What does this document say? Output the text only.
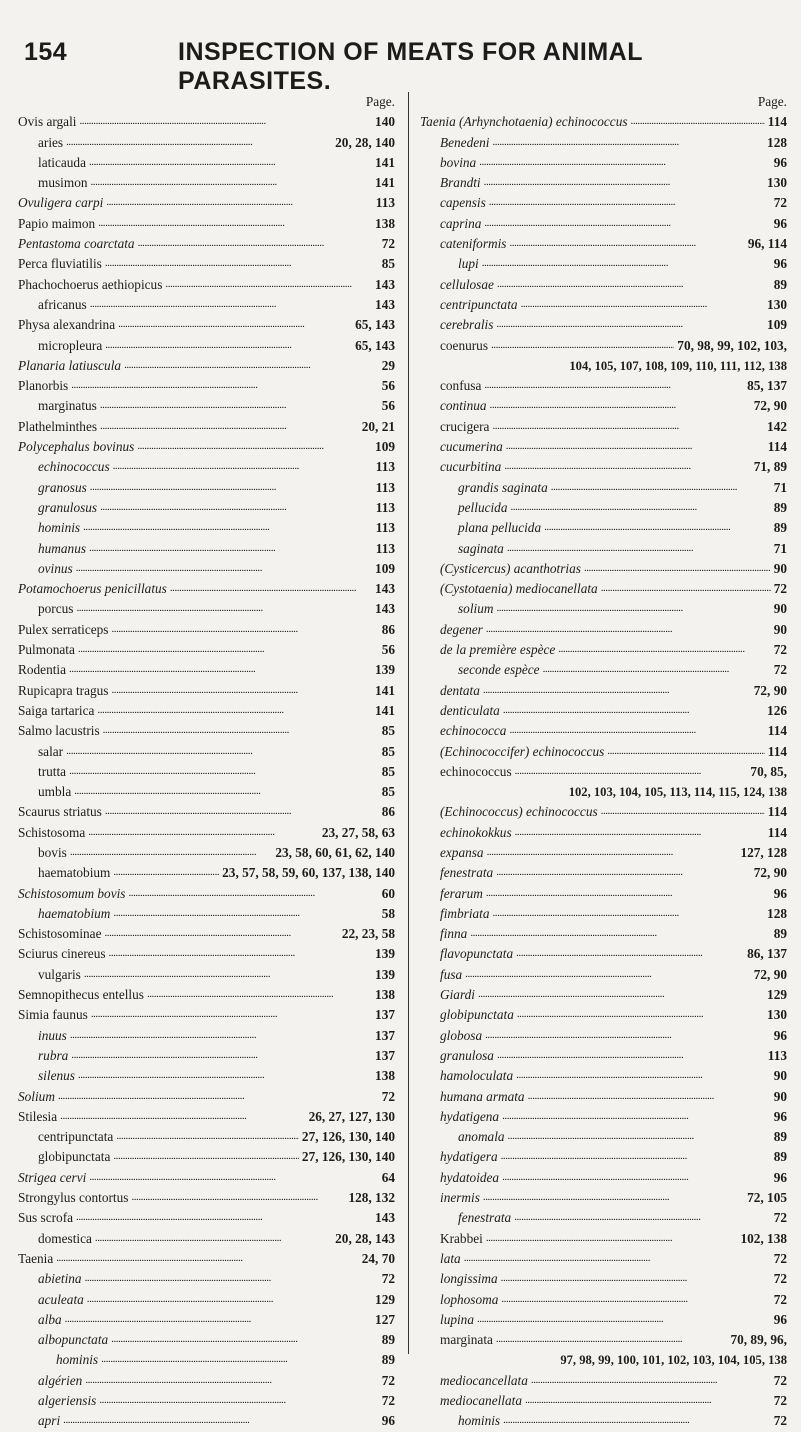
154	INSPECTION OF MEATS FOR ANIMAL PARASITES.
Page.
Ovis argali . . .	140
aries . . .	20, 28, 140
laticauda . . .	141
musimon . . .	141
Ovuligera carpi . . .	113
Papio maimon . . .	138
Pentastoma coarctata . . .	72
Perca fluviatilis . . .	85
Phachochoerus aethiopicus . . .	143
africanus . . .	143
Physa alexandrina . . .	65, 143
micropleura . . .	65, 143
Planaria latiuscula . . .	29
Planorbis . . .	56
marginatus . . .	56
Plathelminthes . . .	20, 21
Polycephalus bovinus . . .	109
echinococcus . . .	113
granosus . . .	113
granulosus . . .	113
hominis . . .	113
humanus . . .	113
ovinus . . .	109
Potamochoerus penicillatus . . .	143
porcus . . .	143
Pulex serraticeps . . .	86
Pulmonata . . .	56
Rodentia . . .	139
Rupicapra tragus . . .	141
Saiga tartarica . . .	141
Salmo lacustris . . .	85
salar . . .	85
trutta . . .	85
umbla . . .	85
Scaurus striatus . . .	86
Schistosoma . . .	23, 27, 58, 63
bovis . . .	23, 58, 60, 61, 62, 140
haematobium . . .	23, 57, 58, 59, 60, 137, 138, 140
Schistosomum bovis . . .	60
haematobium . . .	58
Schistosominae . . .	22, 23, 58
Sciurus cinereus . . .	139
vulgaris . . .	139
Semnopithecus entellus . . .	138
Simia faunus . . .	137
inuus . . .	137
rubra . . .	137
silenus . . .	138
Solium . . .	72
Stilesia . . .	26, 27, 127, 130
centripunctata . . .	27, 126, 130, 140
globipunctata . . .	27, 126, 130, 140
Strigea cervi . . .	64
Strongylus contortus . . .	128, 132
Sus scrofa . . .	143
domestica . . .	20, 28, 143
Taenia . . .	24, 70
abietina . . .	72
aculeata . . .	129
alba . . .	127
albopunctata . . .	89
hominis . . .	89
algérien . . .	72
algeriensis . . .	72
apri . . .	96
Page.
Taenia (Arhynchotaenia) echinococcus . . .	114
Benedeni . . .	128
bovina . . .	96
Brandti . . .	130
capensis . . .	72
caprina . . .	96
cateniformis . . .	96, 114
lupi . . .	96
cellulosae . . .	89
centripunctata . . .	130
cerebralis . . .	109
coenurus . . .	70, 98, 99, 102, 103,
104, 105, 107, 108, 109, 110, 111, 112, 138
confusa . . .	85, 137
continua . . .	72, 90
crucigera . . .	142
cucumerina . . .	114
cucurbitina . . .	71, 89
grandis saginata . . .	71
pellucida . . .	89
plana pellucida . . .	89
saginata . . .	71
(Cysticercus) acanthotrias . . .	90
(Cystotaenia) mediocanellata . . .	72
solium . . .	90
degener . . .	90
de la première espèce . . .	72
seconde espèce . . .	72
dentata . . .	72, 90
denticulata . . .	126
echinococca . . .	114
(Echinococcifer) echinococcus . . .	114
echinococcus . . .	70, 85,
102, 103, 104, 105, 113, 114, 115, 124, 138
(Echinococcus) echinococcus . . .	114
echinokokkus . . .	114
expansa . . .	127, 128
fenestrata . . .	72, 90
ferarum . . .	96
fimbriata . . .	128
finna . . .	89
flavopunctata . . .	86, 137
fusa . . .	72, 90
Giardi . . .	129
globipunctata . . .	130
globosa . . .	96
granulosa . . .	113
hamoloculata . . .	90
humana armata . . .	90
hydatigena . . .	96
anomala . . .	89
hydatigera . . .	89
hydatoidea . . .	96
inermis . . .	72, 105
fenestrata . . .	72
Krabbei . . .	102, 138
lata . . .	72
longissima . . .	72
lophosoma . . .	72
lupina . . .	96
marginata . . .	70, 89, 96,
97, 98, 99, 100, 101, 102, 103, 104, 105, 138
mediocancellata . . .	72
mediocanellata . . .	72
hominis . . .	72
